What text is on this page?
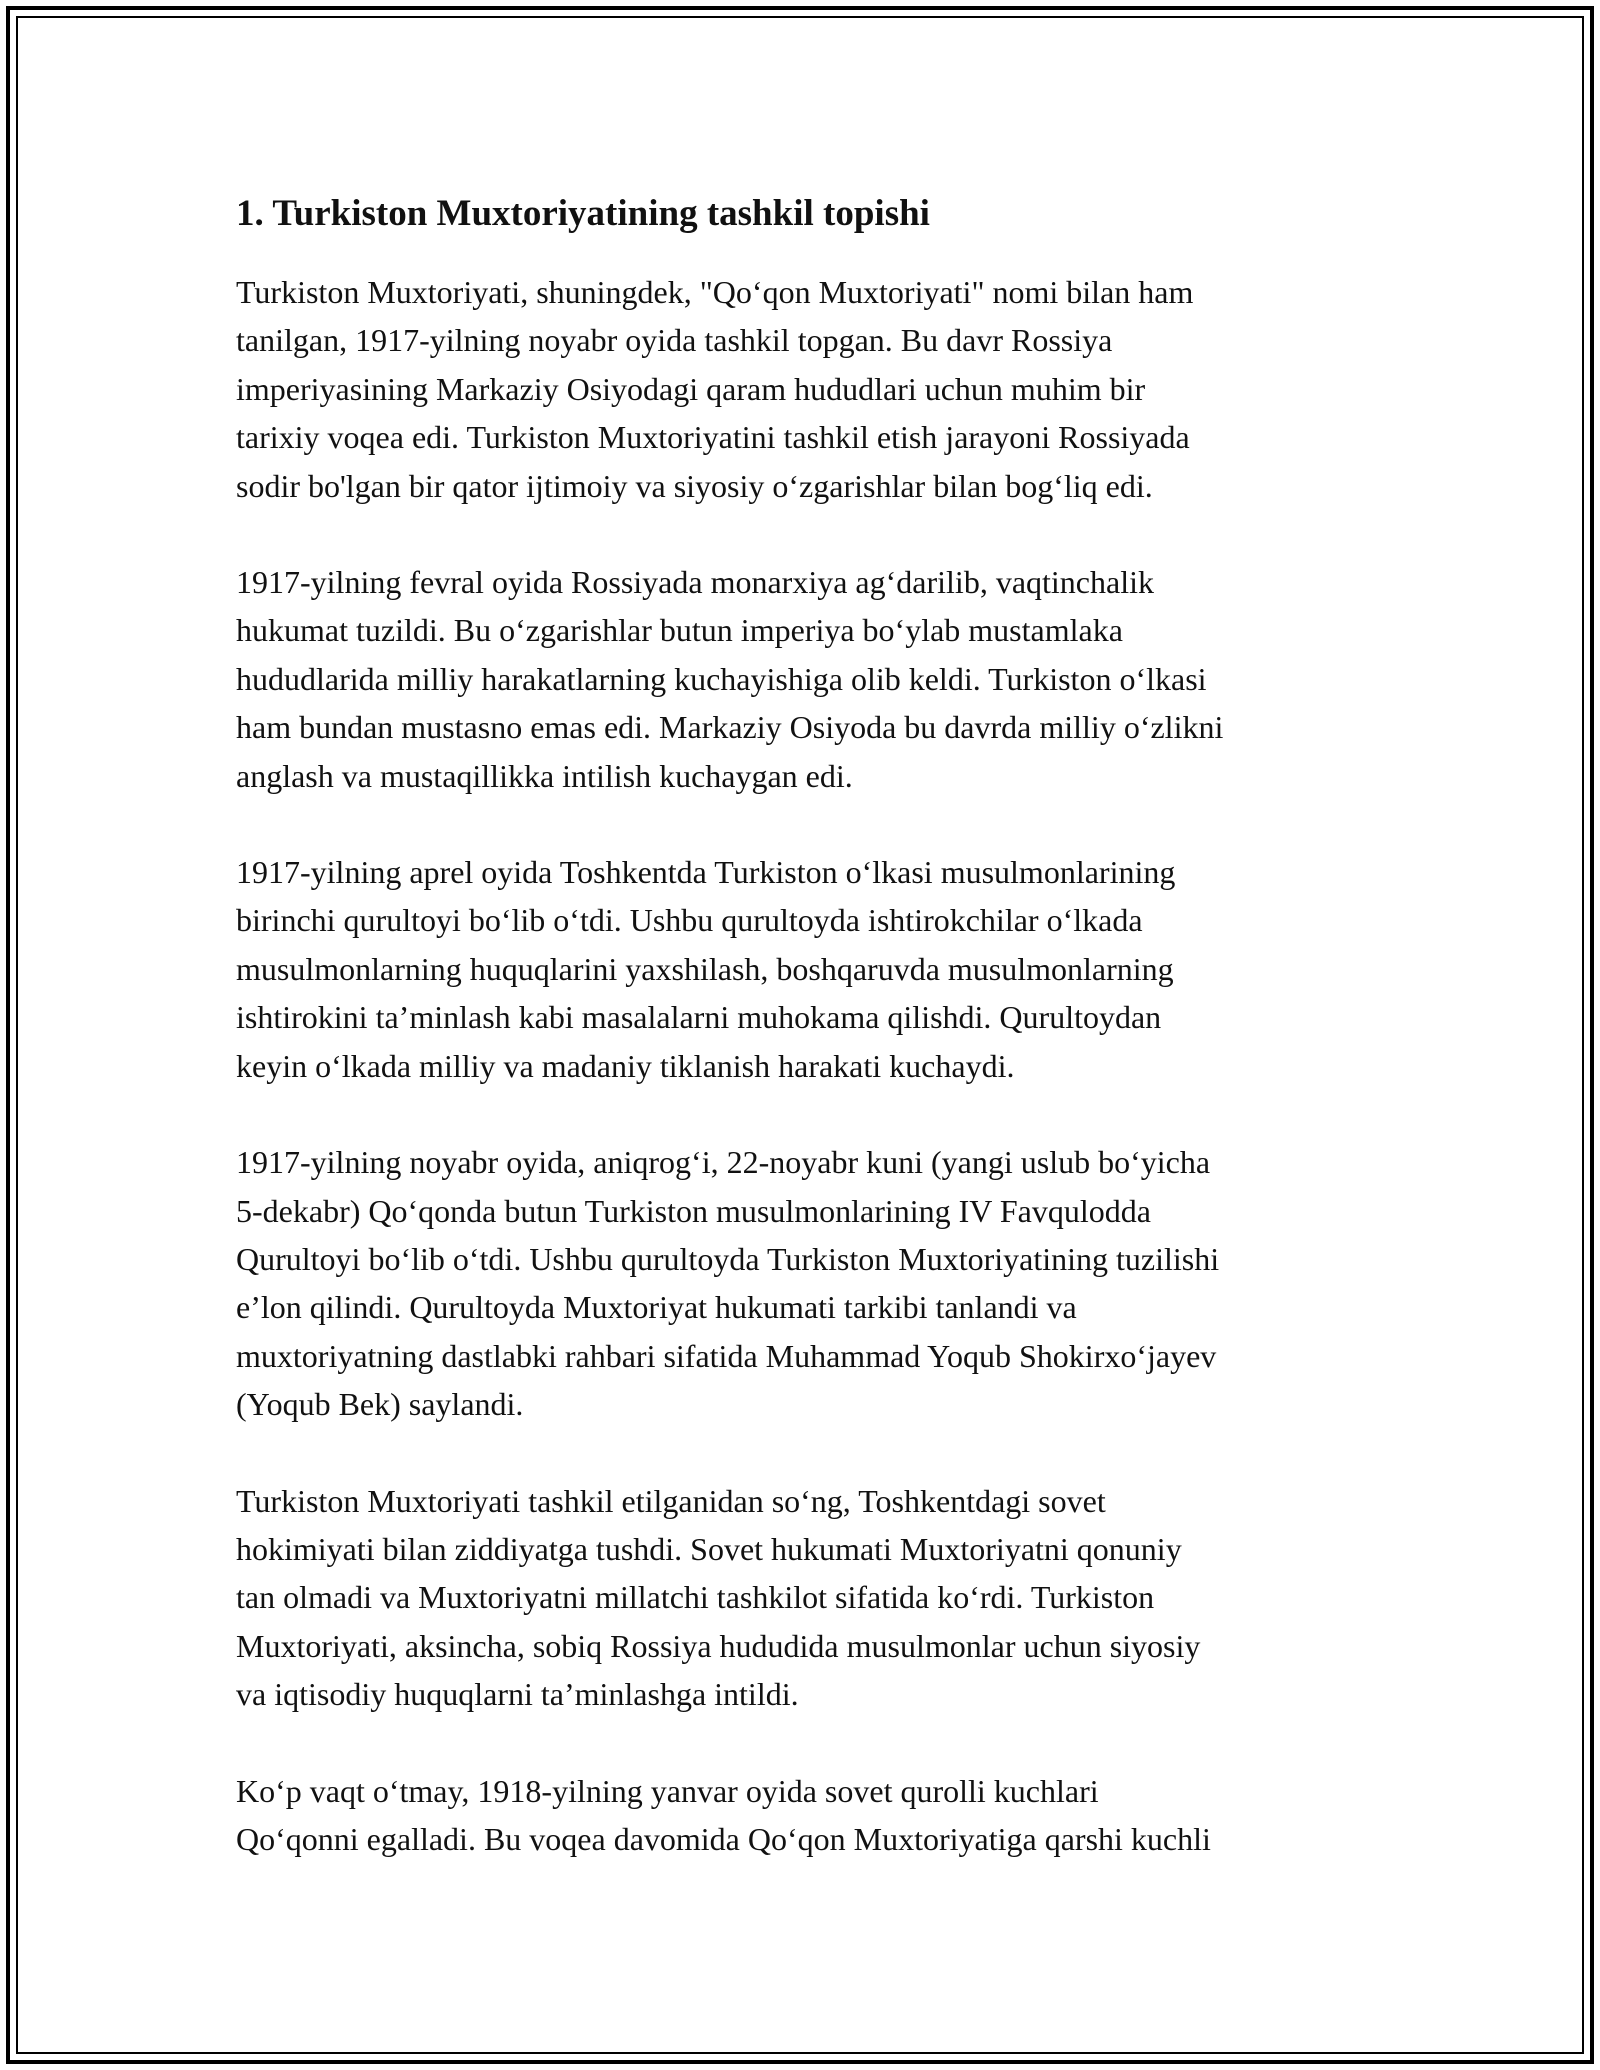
1. Turkiston Muxtoriyatining tashkil topishi

Turkiston Muxtoriyati, shuningdek, "Qoʻqon Muxtoriyati" nomi bilan ham
tanilgan, 1917-yilning noyabr oyida tashkil topgan. Bu davr Rossiya
imperiyasining Markaziy Osiyodagi qaram hududlari uchun muhim bir
tarixiy voqea edi. Turkiston Muxtoriyatini tashkil etish jarayoni Rossiyada
sodir bo'lgan bir qator ijtimoiy va siyosiy oʻzgarishlar bilan bogʻliq edi.

1917-yilning fevral oyida Rossiyada monarxiya agʻdarilib, vaqtinchalik
hukumat tuzildi. Bu oʻzgarishlar butun imperiya boʻylab mustamlaka
hududlarida milliy harakatlarning kuchayishiga olib keldi. Turkiston oʻlkasi
ham bundan mustasno emas edi. Markaziy Osiyoda bu davrda milliy oʻzlikni
anglash va mustaqillikka intilish kuchaygan edi.

1917-yilning aprel oyida Toshkentda Turkiston oʻlkasi musulmonlarining
birinchi qurultoyi boʻlib oʻtdi. Ushbu qurultoyda ishtirokchilar oʻlkada
musulmonlarning huquqlarini yaxshilash, boshqaruvda musulmonlarning
ishtirokini taʼminlash kabi masalalarni muhokama qilishdi. Qurultoydan
keyin oʻlkada milliy va madaniy tiklanish harakati kuchaydi.

1917-yilning noyabr oyida, aniqrogʻi, 22-noyabr kuni (yangi uslub boʻyicha
5-dekabr) Qoʻqonda butun Turkiston musulmonlarining IV Favqulodda
Qurultoyi boʻlib oʻtdi. Ushbu qurultoyda Turkiston Muxtoriyatining tuzilishi
eʼlon qilindi. Qurultoyda Muxtoriyat hukumati tarkibi tanlandi va
muxtoriyatning dastlabki rahbari sifatida Muhammad Yoqub Shokirxoʻjayev
(Yoqub Bek) saylandi.

Turkiston Muxtoriyati tashkil etilganidan soʻng, Toshkentdagi sovet
hokimiyati bilan ziddiyatga tushdi. Sovet hukumati Muxtoriyatni qonuniy
tan olmadi va Muxtoriyatni millatchi tashkilot sifatida koʻrdi. Turkiston
Muxtoriyati, aksincha, sobiq Rossiya hududida musulmonlar uchun siyosiy
va iqtisodiy huquqlarni taʼminlashga intildi.

Koʻp vaqt oʻtmay, 1918-yilning yanvar oyida sovet qurolli kuchlari
Qoʻqonni egalladi. Bu voqea davomida Qoʻqon Muxtoriyatiga qarshi kuchli
